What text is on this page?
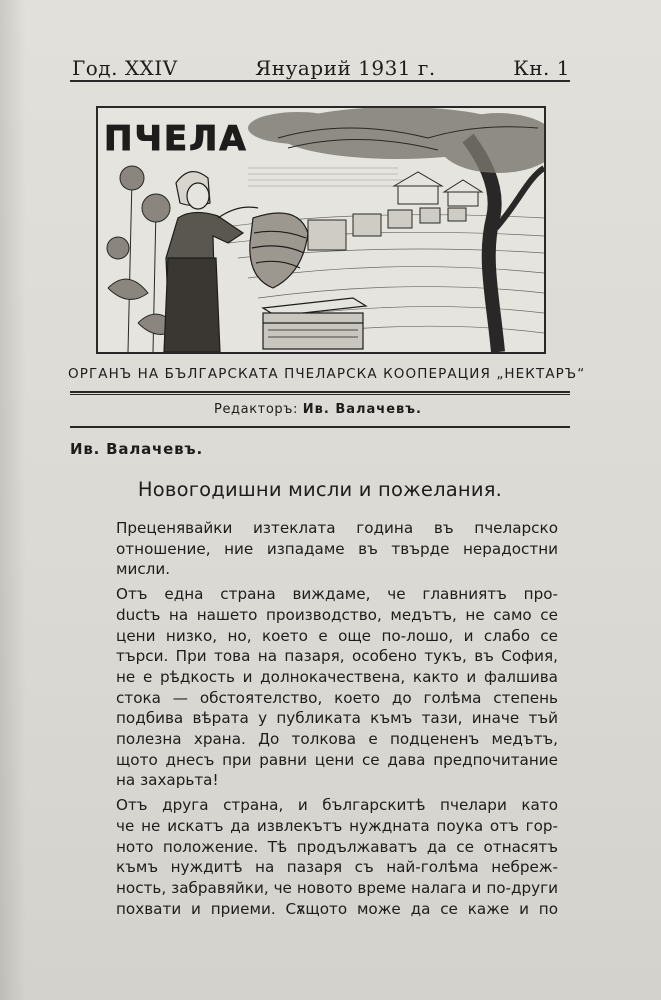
Год. XXIV	Януарий 1931 г.	Кн. 1
ПЧЕЛА
ОРГАНЪ НА БЪЛГАРСКАТА ПЧЕЛАРСКА КООПЕРАЦИЯ „НЕКТАРЪ“
Редакторъ: Ив. Валачевъ.
Ив. Валачевъ.
Новогодишни мисли и пожелания.

Преценявайки изтеклата година въ пчеларско
отношение, ние изпадаме въ твърде нерадостни
мисли.

Отъ една страна виждаме, че главниятъ про-
ductъ на нашето производство, медътъ, не само се
цени низко, но, което е още по-лошо, и слабо се
търси. При това на пазаря, особено тукъ, въ София,
не е рѣдкость и долнокачествена, както и фалшива
стока — обстоятелство, което до голѣма степень
подбива вѣрата у публиката къмъ тази, иначе тъй
полезна храна. До толкова е подцененъ медътъ,
щото днесъ при равни цени се дава предпочитание
на захарьта!

Отъ друга страна, и българскитѣ пчелари като
че не искатъ да извлекътъ нуждната поука отъ гор-
ното положение. Тѣ продължаватъ да се отнасятъ
къмъ нуждитѣ на пазаря съ най-голѣма небреж-
ность, забравяйки, че новото време налага и по-други
похвати и приеми. Сѫщото може да се каже и по
